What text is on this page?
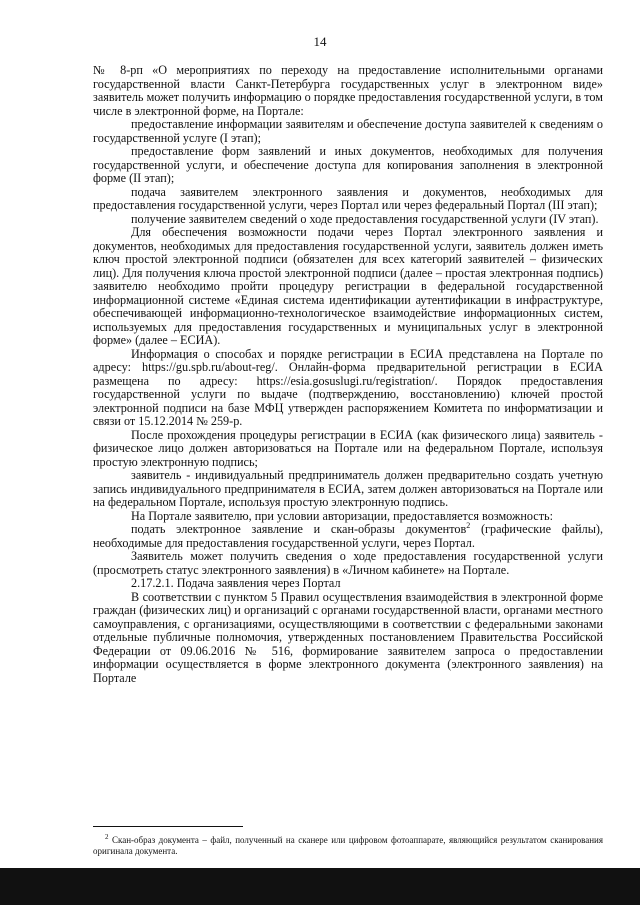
14

№ 8-рп «О мероприятиях по переходу на предоставление исполнительными органами государственной власти Санкт-Петербурга государственных услуг в электронном виде» заявитель может получить информацию о порядке предоставления государственной услуги, в том числе в электронной форме, на Портале:

предоставление информации заявителям и обеспечение доступа заявителей к сведениям о государственной услуге (I этап);

предоставление форм заявлений и иных документов, необходимых для получения государственной услуги, и обеспечение доступа для копирования заполнения в электронной форме (II этап);

подача заявителем электронного заявления и документов, необходимых для предоставления государственной услуги, через Портал или через федеральный Портал (III этап);

получение заявителем сведений о ходе предоставления государственной услуги (IV этап).

Для обеспечения возможности подачи через Портал электронного заявления и документов, необходимых для предоставления государственной услуги, заявитель должен иметь ключ простой электронной подписи (обязателен для всех категорий заявителей – физических лиц). Для получения ключа простой электронной подписи (далее – простая электронная подпись) заявителю необходимо пройти процедуру регистрации в федеральной государственной информационной системе «Единая система идентификации аутентификации в инфраструктуре, обеспечивающей информационно-технологическое взаимодействие информационных систем, используемых для предоставления государственных и муниципальных услуг в электронной форме» (далее – ЕСИА).

Информация о способах и порядке регистрации в ЕСИА представлена на Портале по адресу: https://gu.spb.ru/about-reg/. Онлайн-форма предварительной регистрации в ЕСИА размещена по адресу: https://esia.gosuslugi.ru/registration/. Порядок предоставления государственной услуги по выдаче (подтверждению, восстановлению) ключей простой электронной подписи на базе МФЦ утвержден распоряжением Комитета по информатизации и связи от 15.12.2014 № 259-р.

После прохождения процедуры регистрации в ЕСИА (как физического лица) заявитель - физическое лицо должен авторизоваться на Портале или на федеральном Портале, используя простую электронную подпись;

заявитель - индивидуальный предприниматель должен предварительно создать учетную запись индивидуального предпринимателя в ЕСИА, затем должен авторизоваться на Портале или на федеральном Портале, используя простую электронную подпись.

На Портале заявителю, при условии авторизации, предоставляется возможность:

подать электронное заявление и скан-образы документов$^2$ (графические файлы), необходимые для предоставления государственной услуги, через Портал.

Заявитель может получить сведения о ходе предоставления государственной услуги (просмотреть статус электронного заявления) в «Личном кабинете» на Портале.

2.17.2.1. Подача заявления через Портал

В соответствии с пунктом 5 Правил осуществления взаимодействия в электронной форме граждан (физических лиц) и организаций с органами государственной власти, органами местного самоуправления, с организациями, осуществляющими в соответствии с федеральными законами отдельные публичные полномочия, утвержденных постановлением Правительства Российской Федерации от 09.06.2016 № 516, формирование заявителем запроса о предоставлении информации осуществляется в форме электронного документа (электронного заявления) на Портале

$^2$ Скан-образ документа – файл, полученный на сканере или цифровом фотоаппарате, являющийся результатом сканирования оригинала документа.
